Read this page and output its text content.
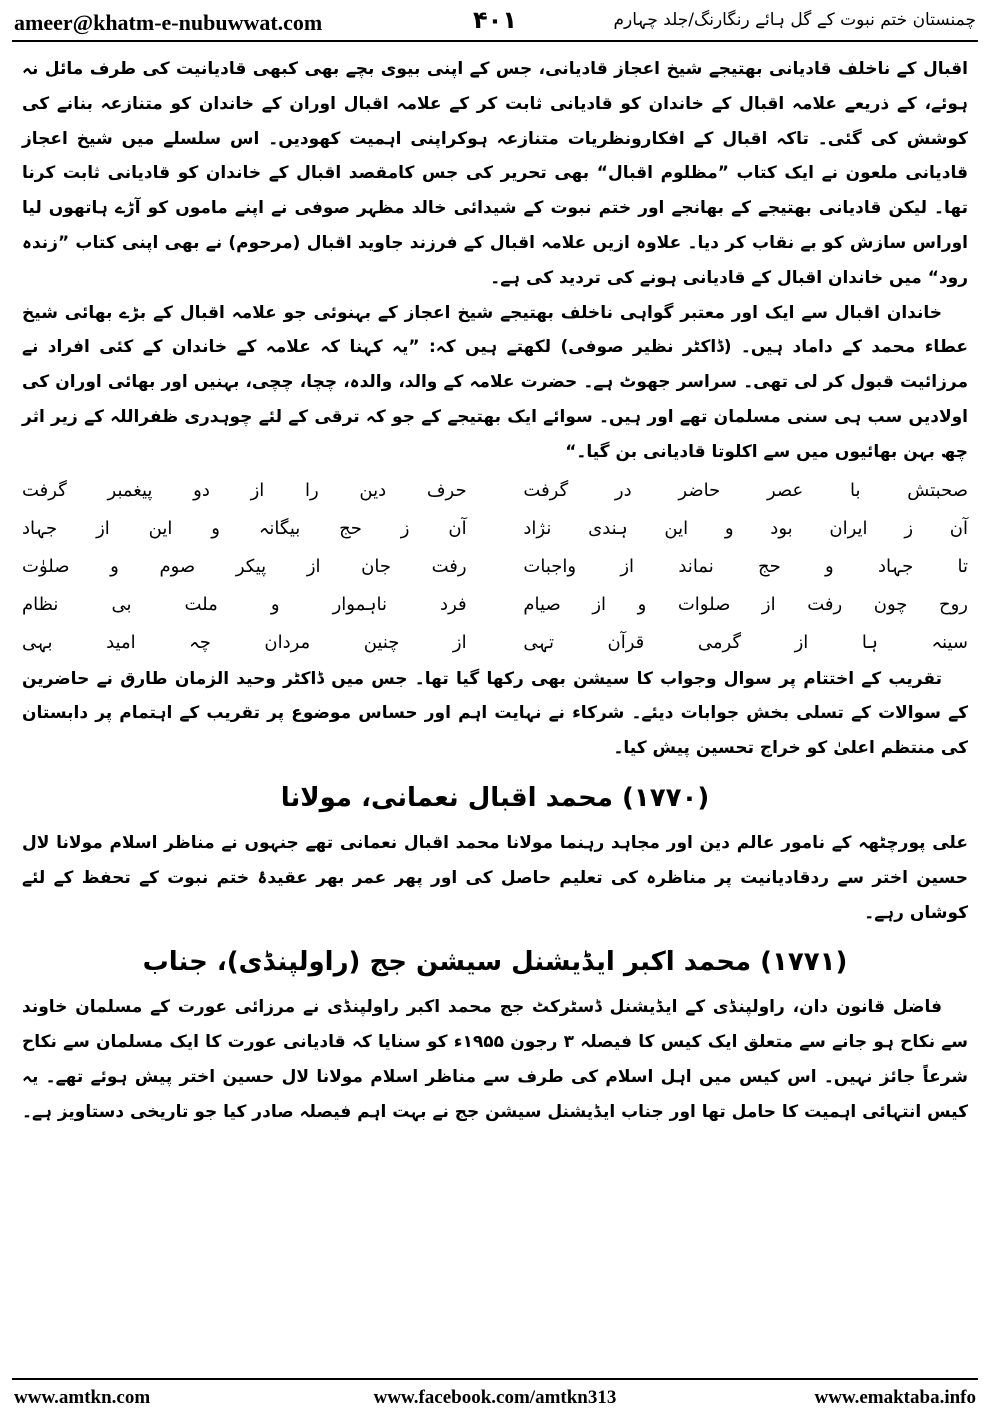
ameer@khatm-e-nubuwwat.com	۴۰۱	چمنستان ختم نبوت کے گل ہائے رنگارنگ/جلد چہارم

اقبال کے ناخلف قادیانی بھتیجے شیخ اعجاز قادیانی، جس کے اپنی بیوی بچے بھی کبھی قادیانیت کی طرف مائل نہ ہوئے، کے ذریعے علامہ اقبال کے خاندان کو قادیانی ثابت کر کے علامہ اقبال اوران کے خاندان کو متنازعہ بنانے کی کوشش کی گئی۔ تاکہ اقبال کے افکارونظریات متنازعہ ہوکراپنی اہمیت کھودیں۔ اس سلسلے میں شیخ اعجاز قادیانی ملعون نے ایک کتاب ”مظلوم اقبال“ بھی تحریر کی جس کامقصد اقبال کے خاندان کو قادیانی ثابت کرنا تھا۔ لیکن قادیانی بھتیجے کے بھانجے اور ختم نبوت کے شیدائی خالد مظہر صوفی نے اپنے ماموں کو آڑے ہاتھوں لیا اوراس سازش کو بے نقاب کر دیا۔ علاوہ ازیں علامہ اقبال کے فرزند جاوید اقبال (مرحوم) نے بھی اپنی کتاب ”زندہ رود“ میں خاندان اقبال کے قادیانی ہونے کی تردید کی ہے۔

خاندان اقبال سے ایک اور معتبر گواہی ناخلف بھتیجے شیخ اعجاز کے بہنوئی جو علامہ اقبال کے بڑے بھائی شیخ عطاء محمد کے داماد ہیں۔ (ڈاکٹر نظیر صوفی) لکھتے ہیں کہ: ”یہ کہنا کہ علامہ کے خاندان کے کئی افراد نے مرزائیت قبول کر لی تھی۔ سراسر جھوٹ ہے۔ حضرت علامہ کے والد، والدہ، چچا، چچی، بہنیں اور بھائی اوران کی اولادیں سب ہی سنی مسلمان تھے اور ہیں۔ سوائے ایک بھتیجے کے جو کہ ترقی کے لئے چوہدری ظفراللہ کے زیر اثر چھ بہن بھائیوں میں سے اکلوتا قادیانی بن گیا۔“

صحبتش با عصر حاضر در گرفت
حرف دین را از دو پیغمبر گرفت
آن ز ایران بود و این ہندی نژاد
آن ز حج بیگانہ و این از جہاد
تا جہاد و حج نماند از واجبات
رفت جان از پیکر صوم و صلوٰت
روح چون رفت از صلوات و از صیام
فرد ناہموار و ملت بی نظام
سینہ ہا از گرمی قرآن تہی
از چنین مردان چہ امید بہی

تقریب کے اختتام پر سوال وجواب کا سیشن بھی رکھا گیا تھا۔ جس میں ڈاکٹر وحید الزمان طارق نے حاضرین کے سوالات کے تسلی بخش جوابات دیئے۔ شرکاء نے نہایت اہم اور حساس موضوع پر تقریب کے اہتمام پر دابستان کی منتظم اعلیٰ کو خراج تحسین پیش کیا۔

(۱۷۷۰) محمد اقبال نعمانی، مولانا

علی پورچٹھہ کے نامور عالم دین اور مجاہد رہنما مولانا محمد اقبال نعمانی تھے جنہوں نے مناظر اسلام مولانا لال حسین اختر سے ردقادیانیت پر مناظرہ کی تعلیم حاصل کی اور پھر عمر بھر عقیدۂ ختم نبوت کے تحفظ کے لئے کوشاں رہے۔

(۱۷۷۱) محمد اکبر ایڈیشنل سیشن جج (راولپنڈی)، جناب

فاضل قانون دان، راولپنڈی کے ایڈیشنل ڈسٹرکٹ جج محمد اکبر راولپنڈی نے مرزائی عورت کے مسلمان خاوند سے نکاح ہو جانے سے متعلق ایک کیس کا فیصلہ ۳ رجون ۱۹۵۵ء کو سنایا کہ قادیانی عورت کا ایک مسلمان سے نکاح شرعاً جائز نہیں۔ اس کیس میں اہل اسلام کی طرف سے مناظر اسلام مولانا لال حسین اختر پیش ہوئے تھے۔ یہ کیس انتہائی اہمیت کا حامل تھا اور جناب ایڈیشنل سیشن جج نے بہت اہم فیصلہ صادر کیا جو تاریخی دستاویز ہے۔

www.amtkn.com	www.facebook.com/amtkn313	www.emaktaba.info
